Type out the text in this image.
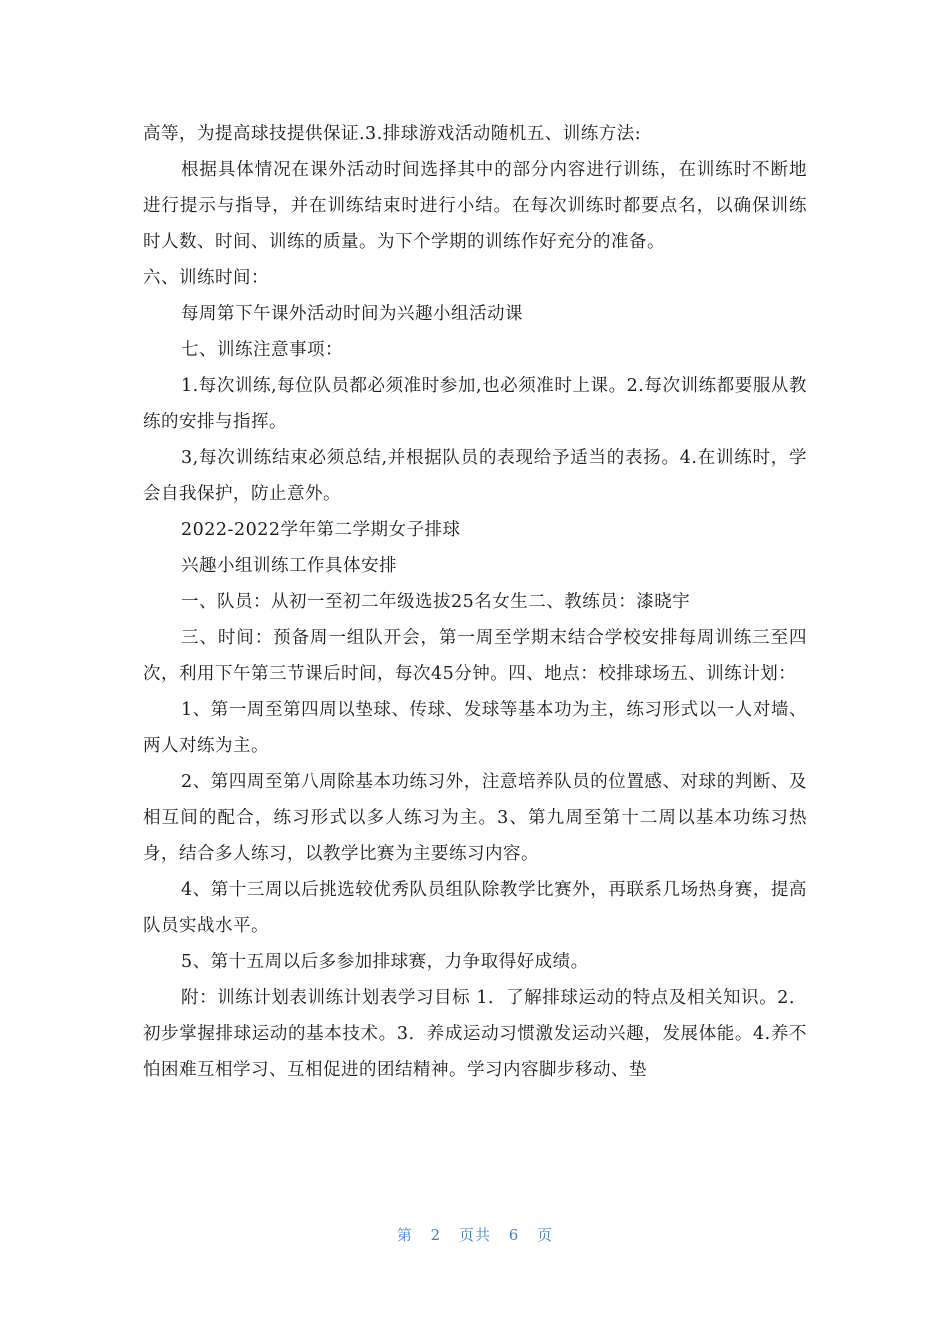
高等，为提高球技提供保证.3.排球游戏活动随机五、训练方法:

根据具体情况在课外活动时间选择其中的部分内容进行训练，在训练时不断地进行提示与指导，并在训练结束时进行小结。在每次训练时都要点名，以确保训练时人数、时间、训练的质量。为下个学期的训练作好充分的准备。

六、训练时间：

每周第下午课外活动时间为兴趣小组活动课

七、训练注意事项：

1.每次训练,每位队员都必须准时参加,也必须准时上课。2.每次训练都要服从教练的安排与指挥。

3,每次训练结束必须总结,并根据队员的表现给予适当的表扬。4.在训练时，学会自我保护，防止意外。

2022-2022学年第二学期女子排球

兴趣小组训练工作具体安排

一、队员：从初一至初二年级选拔25名女生二、教练员：漆晓宇

三、时间：预备周一组队开会，第一周至学期末结合学校安排每周训练三至四次，利用下午第三节课后时间，每次45分钟。四、地点：校排球场五、训练计划：

1、第一周至第四周以垫球、传球、发球等基本功为主，练习形式以一人对墙、两人对练为主。

2、第四周至第八周除基本功练习外，注意培养队员的位置感、对球的判断、及相互间的配合，练习形式以多人练习为主。3、第九周至第十二周以基本功练习热身，结合多人练习，以教学比赛为主要练习内容。

4、第十三周以后挑选较优秀队员组队除教学比赛外，再联系几场热身赛，提高队员实战水平。

5、第十五周以后多参加排球赛，力争取得好成绩。

附：训练计划表训练计划表学习目标 1．了解排球运动的特点及相关知识。2．初步掌握排球运动的基本技术。3．养成运动习惯激发运动兴趣，发展体能。4.养不怕困难互相学习、互相促进的团结精神。学习内容脚步移动、垫

第 2 页共 6 页
